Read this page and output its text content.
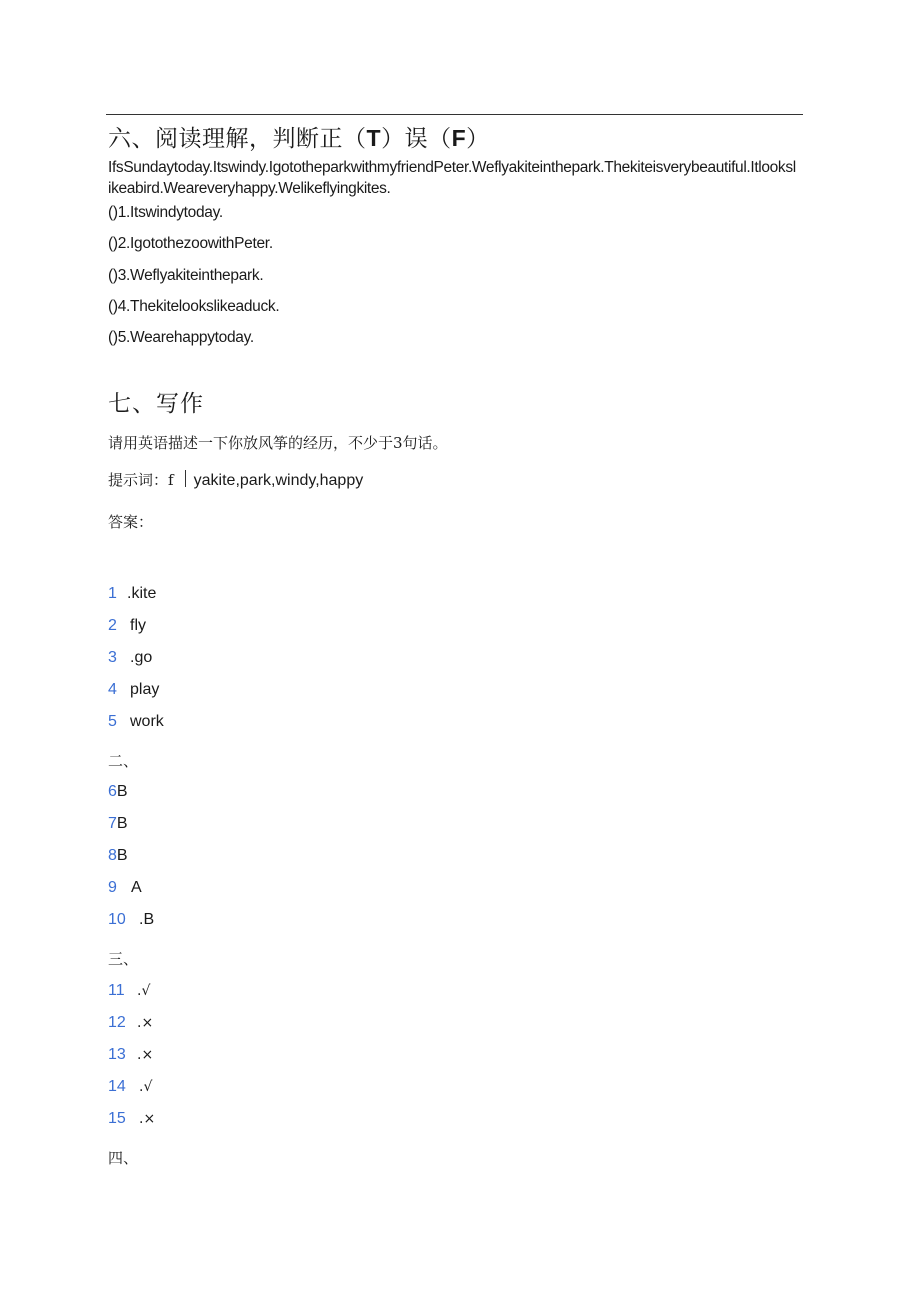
六、阅读理解，判断正（T）误（F）
IfsSundaytoday.Itswindy.IgotothеparkwithmyfriendPeter.Weflyakiteinthepark.Thekiteisverybeautiful.Itlookslikeabird.Weareveryhappy.Welikeflyingkites.
()1.Itswindytoday.
()2.IgotothezoowithPeter.
()3.Weflyakiteinthepark.
()4.Thekitelookslikeaduck.
()5.Wearehappytoday.
七、写作
请用英语描述一下你放风筝的经历，不少于3句话。
提示词：f yakite,park,windy,happy
答案：
1 .kite
2 fly
3 .go
4 play
5 work
二、
6B
7B
8B
9 A
10 .B
三、
11 .√
12 .×
13 .×
14 .√
15 .×
四、
